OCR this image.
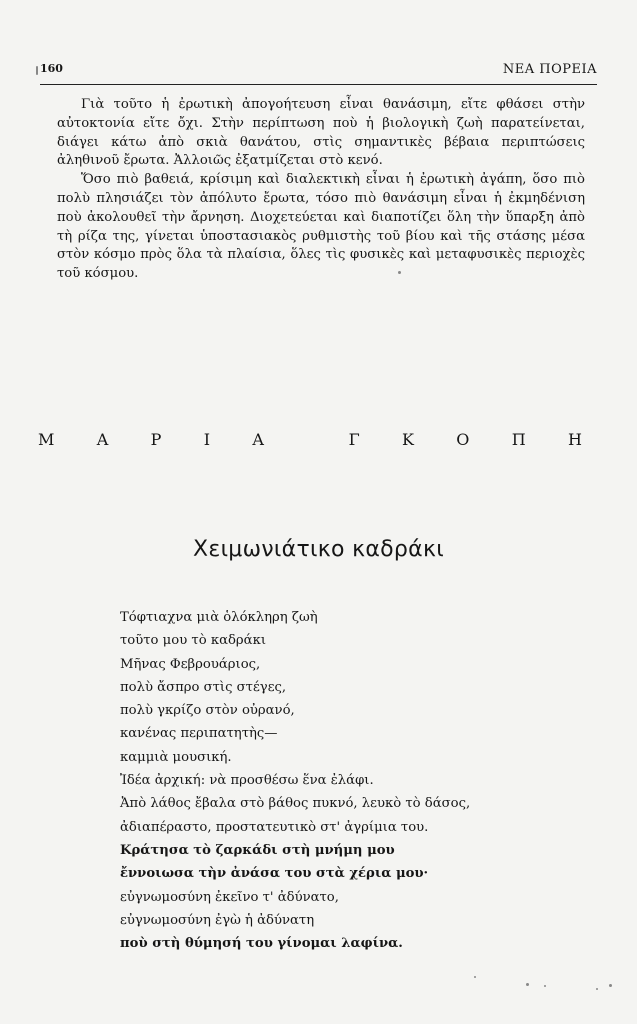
160	ΝΕΑ ΠΟΡΕΙΑ

Γιὰ τοῦτο ἡ ἐρωτικὴ ἀπογοήτευση εἶναι θανάσιμη, εἴτε φθάσει στὴν αὐτοκτονία εἴτε ὄχι. Στὴν περίπτωση ποὺ ἡ βιολογικὴ ζωὴ παρατείνεται, διάγει κάτω ἀπὸ σκιὰ θανάτου, στὶς σημαντικὲς βέβαια περιπτώσεις ἀληθινοῦ ἔρωτα. Ἀλλοιῶς ἐξατμίζεται στὸ κενό.

Ὅσο πιὸ βαθειά, κρίσιμη καὶ διαλεκτικὴ εἶναι ἡ ἐρωτικὴ ἀγάπη, ὅσο πιὸ πολὺ πλησιάζει τὸν ἀπόλυτο ἔρωτα, τόσο πιὸ θανάσιμη εἶναι ἡ ἐκμηδένιση ποὺ ἀκολουθεῖ τὴν ἄρνηση. Διοχετεύεται καὶ διαποτίζει ὅλη τὴν ὕπαρξη ἀπὸ τὴ ρίζα της, γίνεται ὑποστασιακὸς ρυθμιστὴς τοῦ βίου καὶ τῆς στάσης μέσα στὸν κόσμο πρὸς ὅλα τὰ πλαίσια, ὅλες τὶς φυσικὲς καὶ μεταφυσικὲς περιοχὲς τοῦ κόσμου.

Μ	Α	Ρ	Ι	Α	Γ	Κ	Ο	Π	Η
Χειμωνιάτικο καδράκι
Τόφτιαχνα μιὰ ὁλόκληρη ζωὴ
τοῦτο μου τὸ καδράκι
Μῆνας Φεβρουάριος,
πολὺ ἄσπρο στὶς στέγες,
πολὺ γκρίζο στὸν οὐρανό,
κανένας περιπατητὴς—
καμμιὰ μουσική.
Ἰδέα ἀρχική: νὰ προσθέσω ἕνα ἐλάφι.
Ἀπὸ λάθος ἔβαλα στὸ βάθος πυκνό, λευκὸ τὸ δάσος,
ἀδιαπέραστο, προστατευτικὸ στ' ἀγρίμια του.
Κράτησα τὸ ζαρκάδι στὴ μνήμη μου
ἔννοιωσα τὴν ἀνάσα του στὰ χέρια μου·
εὐγνωμοσύνη ἐκεῖνο τ' ἀδύνατο,
εὐγνωμοσύνη ἐγὼ ἡ ἀδύνατη
ποὺ στὴ θύμησή του γίνομαι λαφίνα.
